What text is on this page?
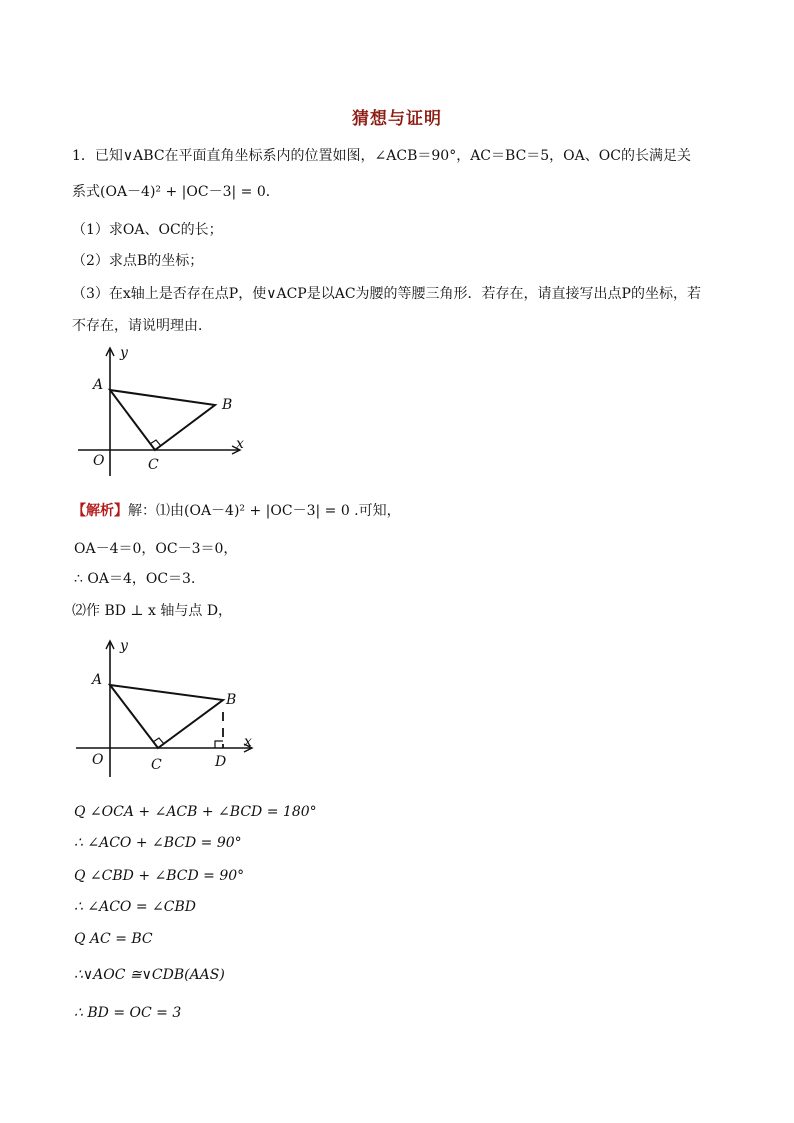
猜想与证明
1．已知∨ABC在平面直角坐标系内的位置如图，∠ACB＝90°，AC＝BC＝5，OA、OC的长满足关
系式(OA－4)² + |OC－3| = 0．
（1）求OA、OC的长；
（2）求点B的坐标；
（3）在x轴上是否存在点P，使∨ACP是以AC为腰的等腰三角形．若存在，请直接写出点P的坐标，若
不存在，请说明理由．
y
x
A
B
O	C
【解析】解：⑴由(OA－4)² + |OC－3| = 0 .可知，
OA－4＝0，OC－3＝0，
∴ OA＝4，OC＝3．
⑵作 BD ⊥ x 轴与点 D，
y
x
A
B
O	C	D
Q ∠OCA + ∠ACB + ∠BCD = 180°
∴ ∠ACO + ∠BCD = 90°
Q ∠CBD + ∠BCD = 90°
∴ ∠ACO = ∠CBD
Q AC = BC
∴∨AOC ≅∨CDB(AAS)
∴ BD = OC = 3
